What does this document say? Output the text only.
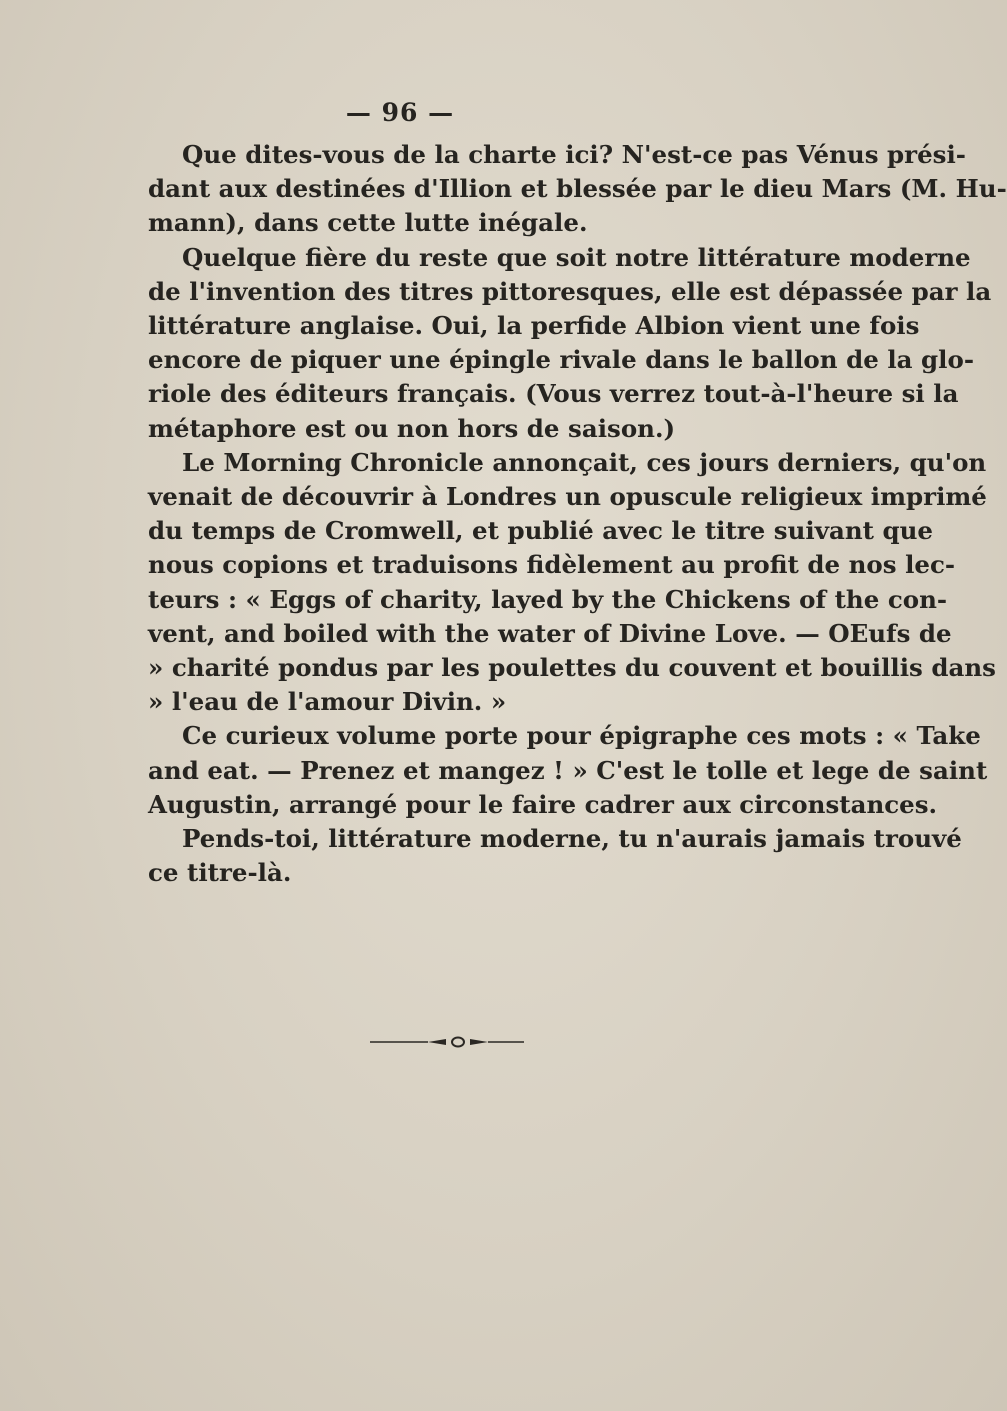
— 96 —
Que dites-vous de la charte ici? N'est-ce pas Vénus prési-
dant aux destinées d'Illion et blessée par le dieu Mars (M. Hu-
mann), dans cette lutte inégale.
Quelque fière du reste que soit notre littérature moderne
de l'invention des titres pittoresques, elle est dépassée par la
littérature anglaise. Oui, la perfide Albion vient une fois
encore de piquer une épingle rivale dans le ballon de la glo-
riole des éditeurs français. (Vous verrez tout-à-l'heure si la
métaphore est ou non hors de saison.)
Le Morning Chronicle annonçait, ces jours derniers, qu'on
venait de découvrir à Londres un opuscule religieux imprimé
du temps de Cromwell, et publié avec le titre suivant que
nous copions et traduisons fidèlement au profit de nos lec-
teurs : « Eggs of charity, layed by the Chickens of the con-
vent, and boiled with the water of Divine Love. — OEufs de
» charité pondus par les poulettes du couvent et bouillis dans
» l'eau de l'amour Divin. »
Ce curieux volume porte pour épigraphe ces mots : « Take
and eat. — Prenez et mangez ! » C'est le tolle et lege de saint
Augustin, arrangé pour le faire cadrer aux circonstances.
Pends-toi, littérature moderne, tu n'aurais jamais trouvé
ce titre-là.
